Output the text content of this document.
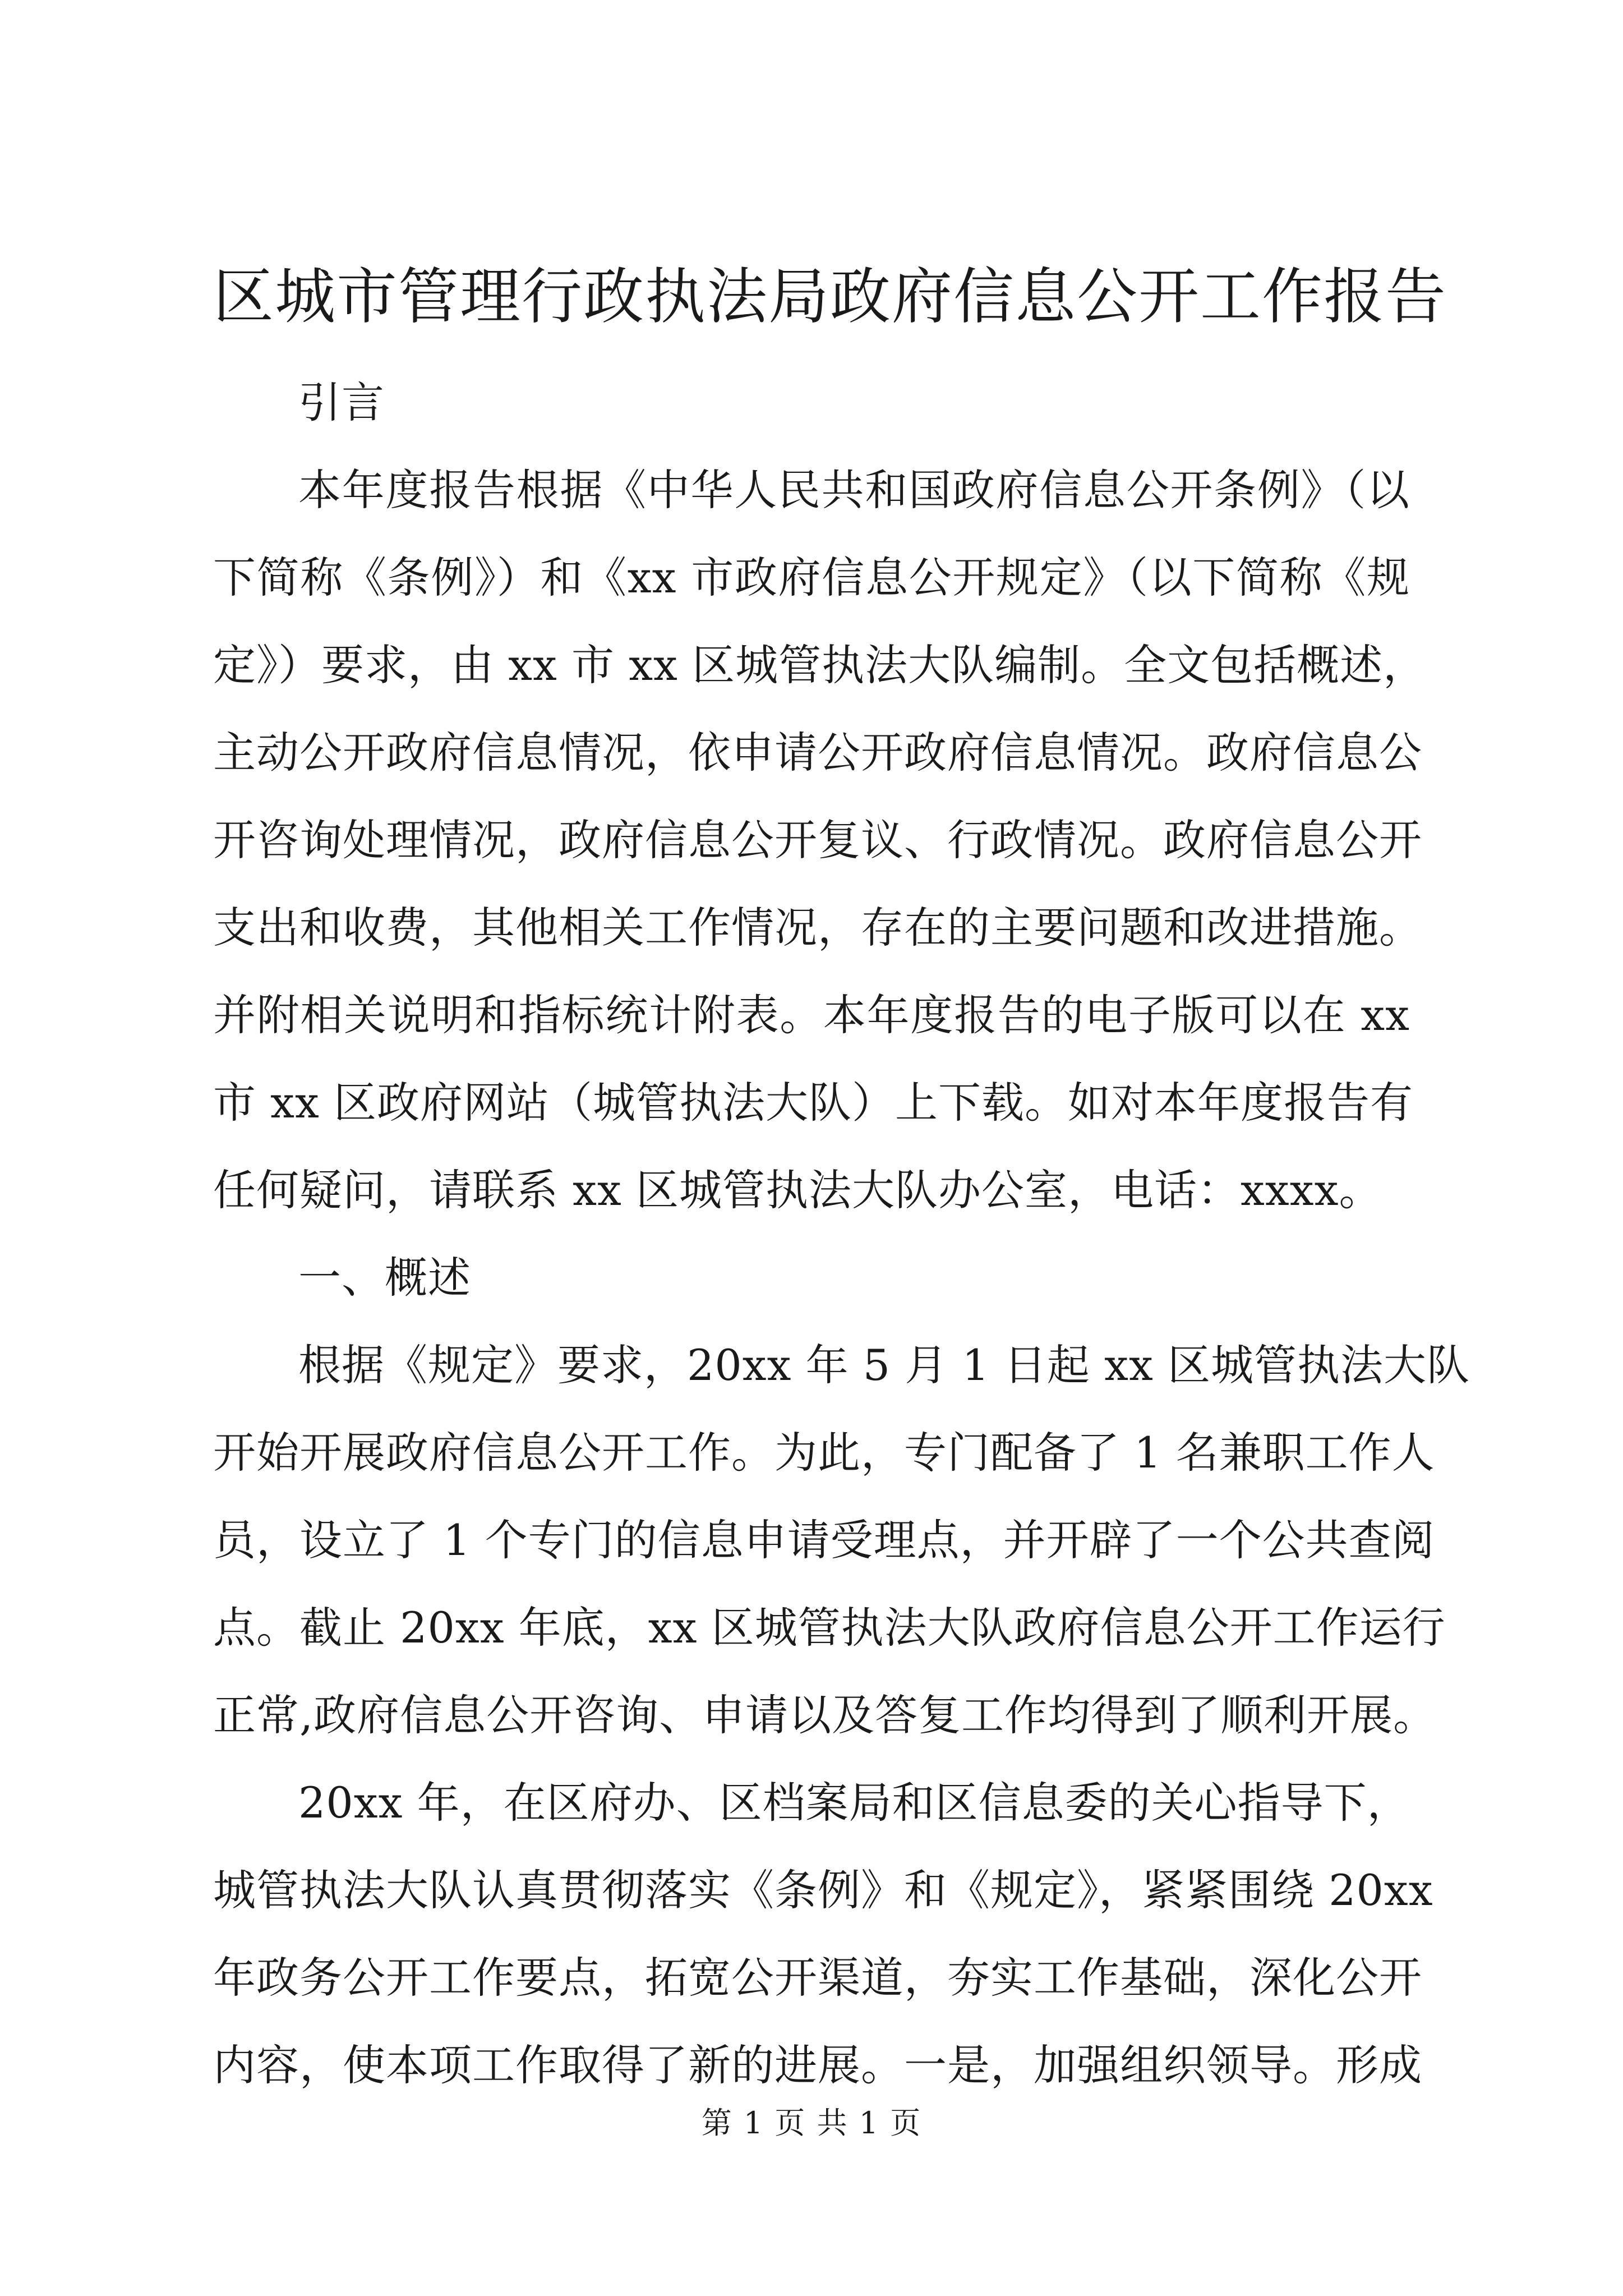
区城市管理行政执法局政府信息公开工作报告

引言

本年度报告根据《中华人民共和国政府信息公开条例》（以

下简称《条例》）和《xx 市政府信息公开规定》（以下简称《规

定》）要求，由 xx 市 xx 区城管执法大队编制。全文包括概述，

主动公开政府信息情况，依申请公开政府信息情况。政府信息公

开咨询处理情况，政府信息公开复议、行政情况。政府信息公开

支出和收费，其他相关工作情况，存在的主要问题和改进措施。

并附相关说明和指标统计附表。本年度报告的电子版可以在 xx

市 xx 区政府网站（城管执法大队）上下载。如对本年度报告有

任何疑问，请联系 xx 区城管执法大队办公室，电话：xxxx。

一、概述

根据《规定》要求，20xx 年 5 月 1 日起 xx 区城管执法大队

开始开展政府信息公开工作。为此，专门配备了 1 名兼职工作人

员，设立了 1 个专门的信息申请受理点，并开辟了一个公共查阅

点。截止 20xx 年底，xx 区城管执法大队政府信息公开工作运行

正常,政府信息公开咨询、申请以及答复工作均得到了顺利开展。

20xx 年，在区府办、区档案局和区信息委的关心指导下，

城管执法大队认真贯彻落实《条例》和《规定》，紧紧围绕 20xx

年政务公开工作要点，拓宽公开渠道，夯实工作基础，深化公开

内容，使本项工作取得了新的进展。一是，加强组织领导。形成

第 1 页 共 1 页
